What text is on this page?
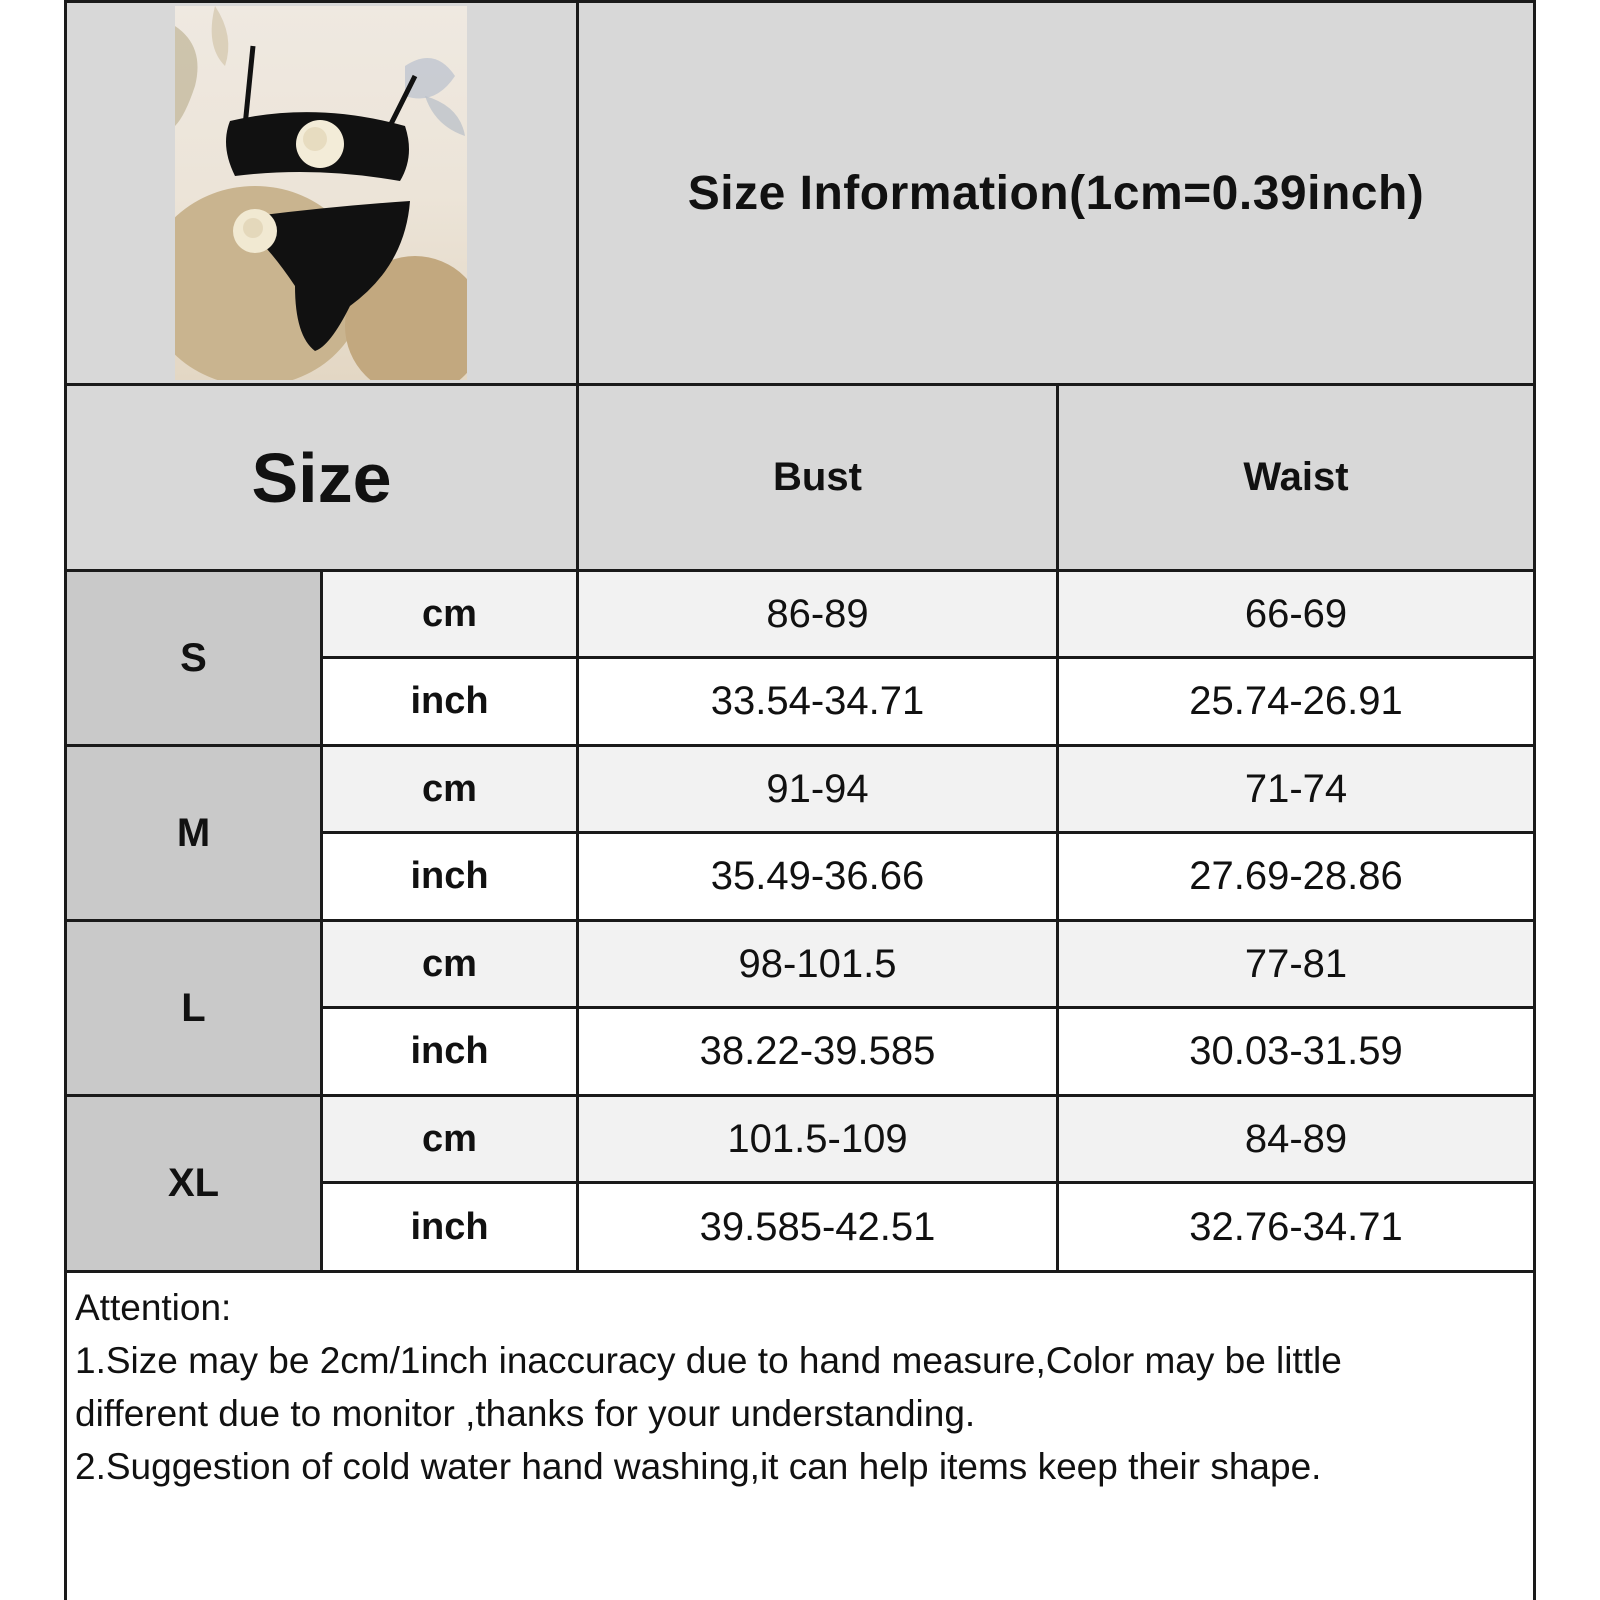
Size Information(1cm=0.39inch)
Size	Bust	Waist
S
cm	86-89	66-69
inch	33.54-34.71	25.74-26.91
M
cm	91-94	71-74
inch	35.49-36.66	27.69-28.86
L
cm	98-101.5	77-81
inch	38.22-39.585	30.03-31.59
XL
cm	101.5-109	84-89
inch	39.585-42.51	32.76-34.71
Attention:
1.Size may be 2cm/1inch inaccuracy due to hand measure,Color may be little
different due to monitor ,thanks for your understanding.
2.Suggestion of cold water hand washing,it can help items keep their shape.
